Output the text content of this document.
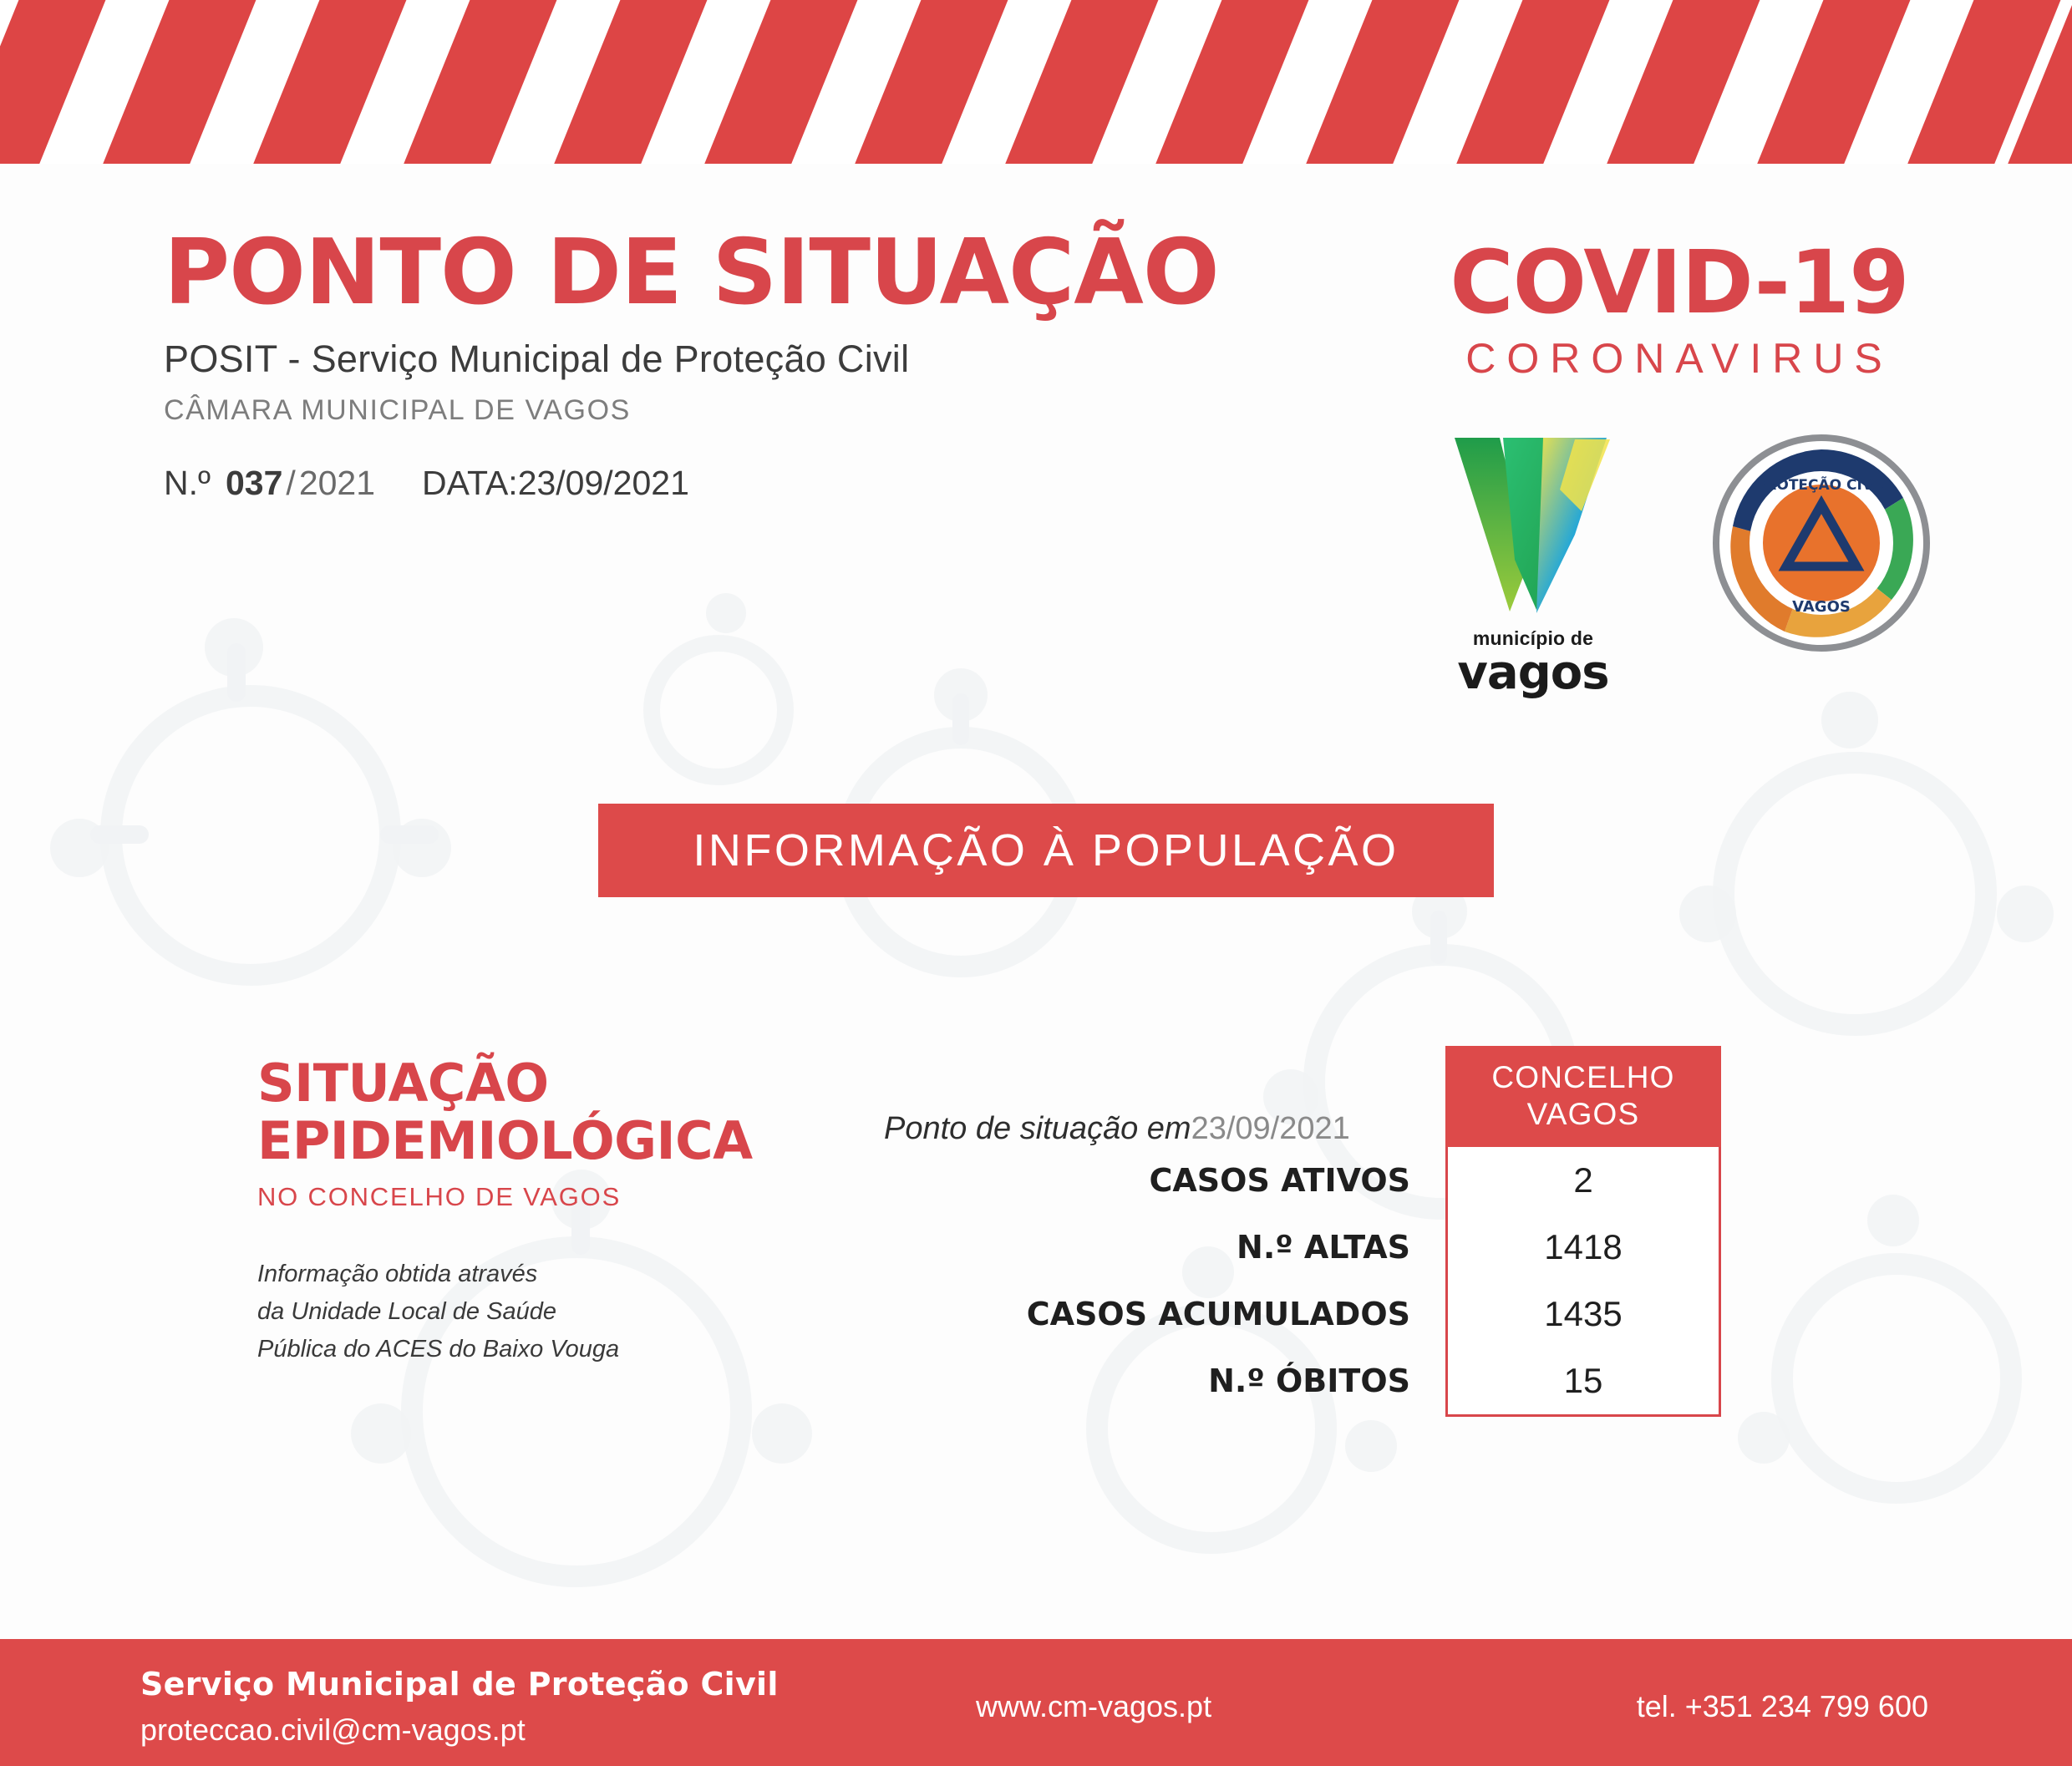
PONTO DE SITUAÇÃO
POSIT - Serviço Municipal de Proteção Civil
CÂMARA MUNICIPAL DE VAGOS
N.º 037 / 2021 DATA: 23/09/2021
COVID-19
CORONAVIRUS
município de
vagos
PROTEÇÃO CIVIL
VAGOS
INFORMAÇÃO À POPULAÇÃO
SITUAÇÃO
EPIDEMIOLÓGICA
NO CONCELHO DE VAGOS
Informação obtida através
da Unidade Local de Saúde
Pública do ACES do Baixo Vouga
Ponto de situação em23/09/2021
CONCELHO
VAGOS
CASOS ATIVOS	2
N.º ALTAS	1418
CASOS ACUMULADOS	1435
N.º ÓBITOS	15
Serviço Municipal de Proteção Civil
proteccao.civil@cm-vagos.pt
www.cm-vagos.pt	tel. +351 234 799 600
